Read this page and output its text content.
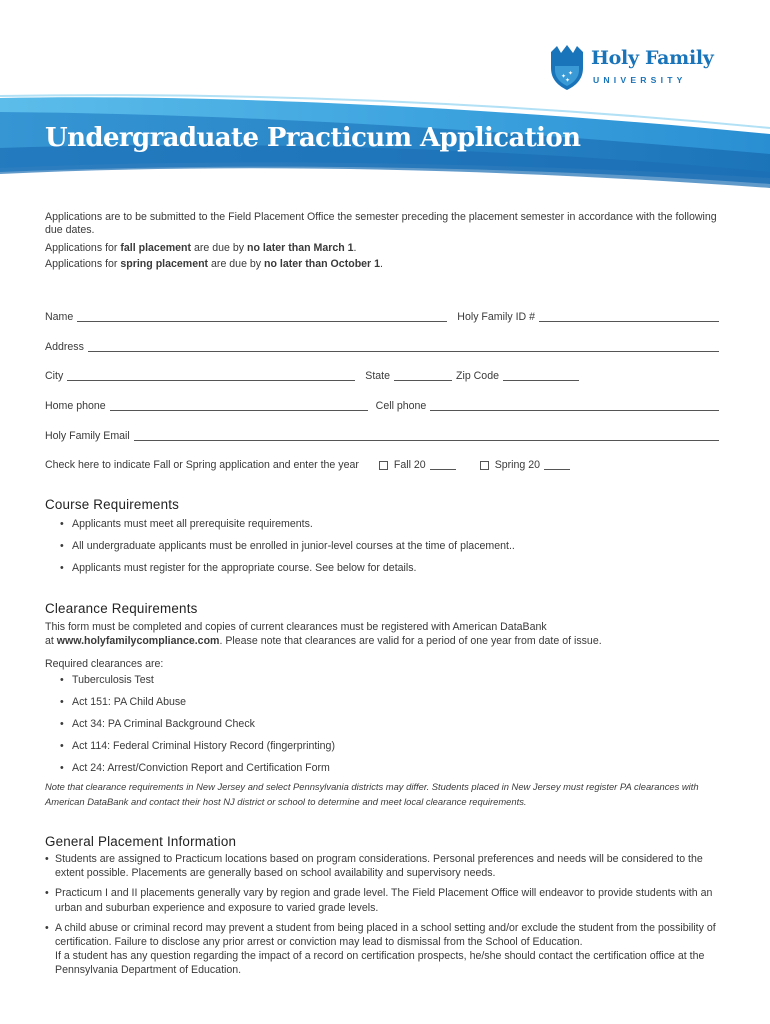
✦ ✦
✦
Holy Family
UNIVERSITY
Undergraduate Practicum Application

Applications are to be submitted to the Field Placement Office the semester preceding the placement semester in accordance with the following due dates.

Applications for fall placement are due by no later than March 1.

Applications for spring placement are due by no later than October 1.

Name	Holy Family ID #
Address
City	State	Zip Code
Home phone	Cell phone
Holy Family Email
Check here to indicate Fall or Spring application and enter the year	Fall 20	Spring 20
Course Requirements
• Applicants must meet all prerequisite requirements.
• All undergraduate applicants must be enrolled in junior-level courses at the time of placement..
• Applicants must register for the appropriate course. See below for details.
Clearance Requirements
This form must be completed and copies of current clearances must be registered with American DataBank
at www.holyfamilycompliance.com. Please note that clearances are valid for a period of one year from date of issue.
Required clearances are:
• Tuberculosis Test
• Act 151: PA Child Abuse
• Act 34: PA Criminal Background Check
• Act 114: Federal Criminal History Record (fingerprinting)
• Act 24: Arrest/Conviction Report and Certification Form
Note that clearance requirements in New Jersey and select Pennsylvania districts may differ. Students placed in New Jersey must register PA clearances with American DataBank and contact their host NJ district or school to determine and meet local clearance requirements.
General Placement Information
• Students are assigned to Practicum locations based on program considerations. Personal preferences and needs will be considered to the extent possible. Placements are generally based on school availability and supervisory needs.
• Practicum I and II placements generally vary by region and grade level. The Field Placement Office will endeavor to provide students with an urban and suburban experience and exposure to varied grade levels.
• A child abuse or criminal record may prevent a student from being placed in a school setting and/or exclude the student from the possibility of certification. Failure to disclose any prior arrest or conviction may lead to dismissal from the School of Education.
If a student has any question regarding the impact of a record on certification prospects, he/she should contact the certification office at the Pennsylvania Department of Education.
